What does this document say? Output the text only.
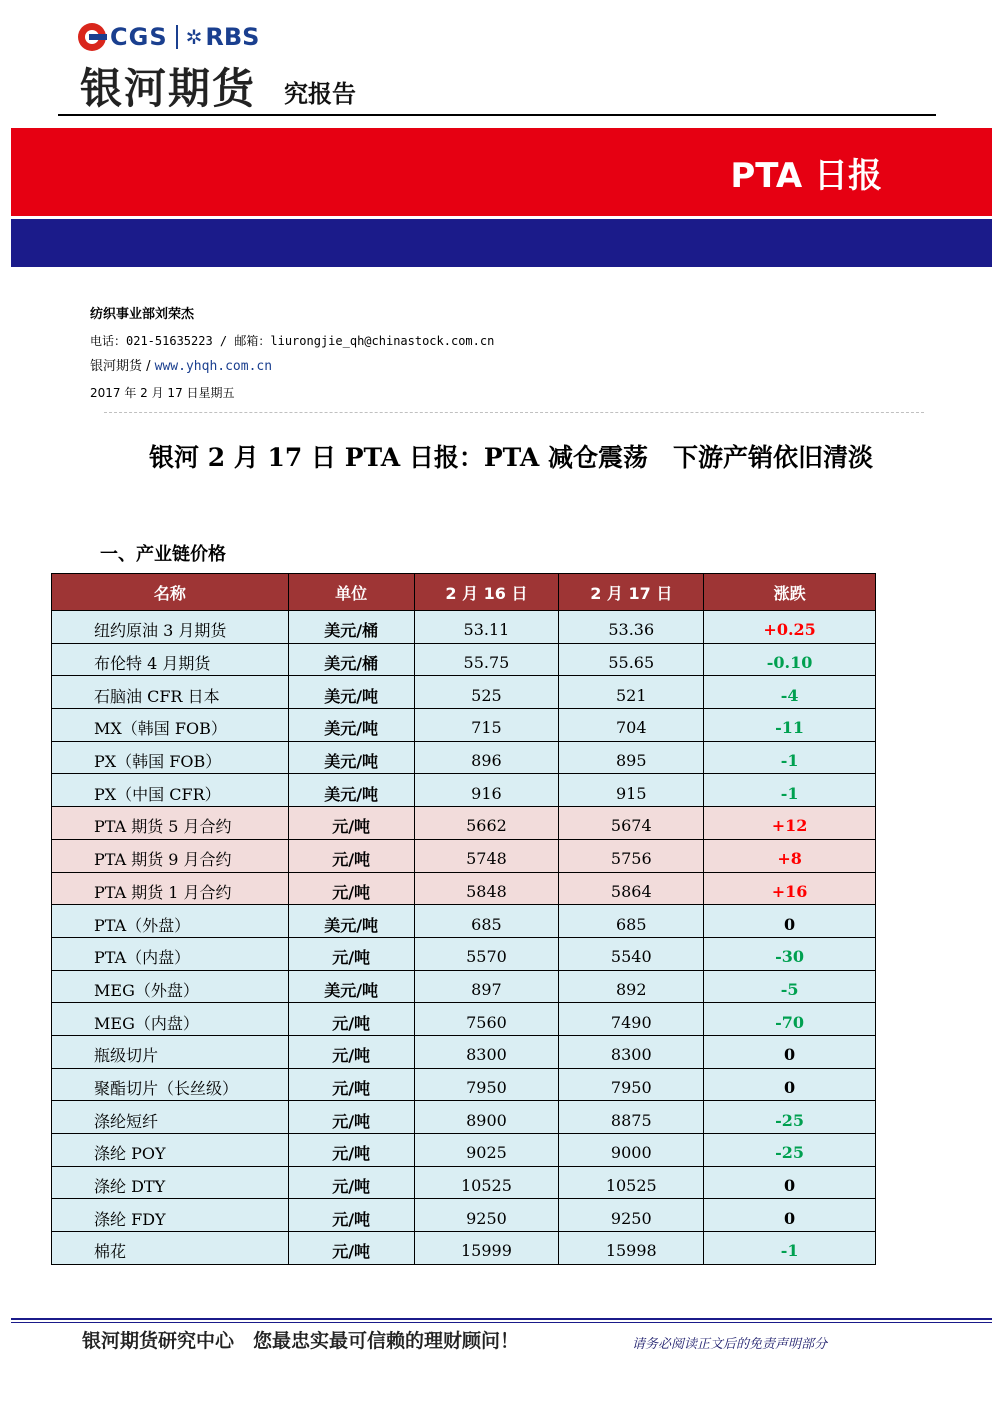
CGS ✲ RBS
银河期货 究报告
PTA 日报
纺织事业部刘荣杰
电话：021-51635223 / 邮箱：liurongjie_qh@chinastock.com.cn
银河期货 / www.yhqh.com.cn
2017 年 2 月 17 日星期五
银河 2 月 17 日 PTA 日报：PTA 减仓震荡　下游产销依旧清淡
一、产业链价格
名称	单位	2 月 16 日	2 月 17 日	涨跌
纽约原油 3 月期货	美元/桶	53.11	53.36	+0.25
布伦特 4 月期货	美元/桶	55.75	55.65	-0.10
石脑油 CFR 日本	美元/吨	525	521	-4
MX（韩国 FOB）	美元/吨	715	704	-11
PX（韩国 FOB）	美元/吨	896	895	-1
PX（中国 CFR）	美元/吨	916	915	-1
PTA 期货 5 月合约	元/吨	5662	5674	+12
PTA 期货 9 月合约	元/吨	5748	5756	+8
PTA 期货 1 月合约	元/吨	5848	5864	+16
PTA（外盘）	美元/吨	685	685	0
PTA（内盘）	元/吨	5570	5540	-30
MEG（外盘）	美元/吨	897	892	-5
MEG（内盘）	元/吨	7560	7490	-70
瓶级切片	元/吨	8300	8300	0
聚酯切片（长丝级）	元/吨	7950	7950	0
涤纶短纤	元/吨	8900	8875	-25
涤纶 POY	元/吨	9025	9000	-25
涤纶 DTY	元/吨	10525	10525	0
涤纶 FDY	元/吨	9250	9250	0
棉花	元/吨	15999	15998	-1
银河期货研究中心　您最忠实最可信赖的理财顾问！	请务必阅读正文后的免责声明部分
